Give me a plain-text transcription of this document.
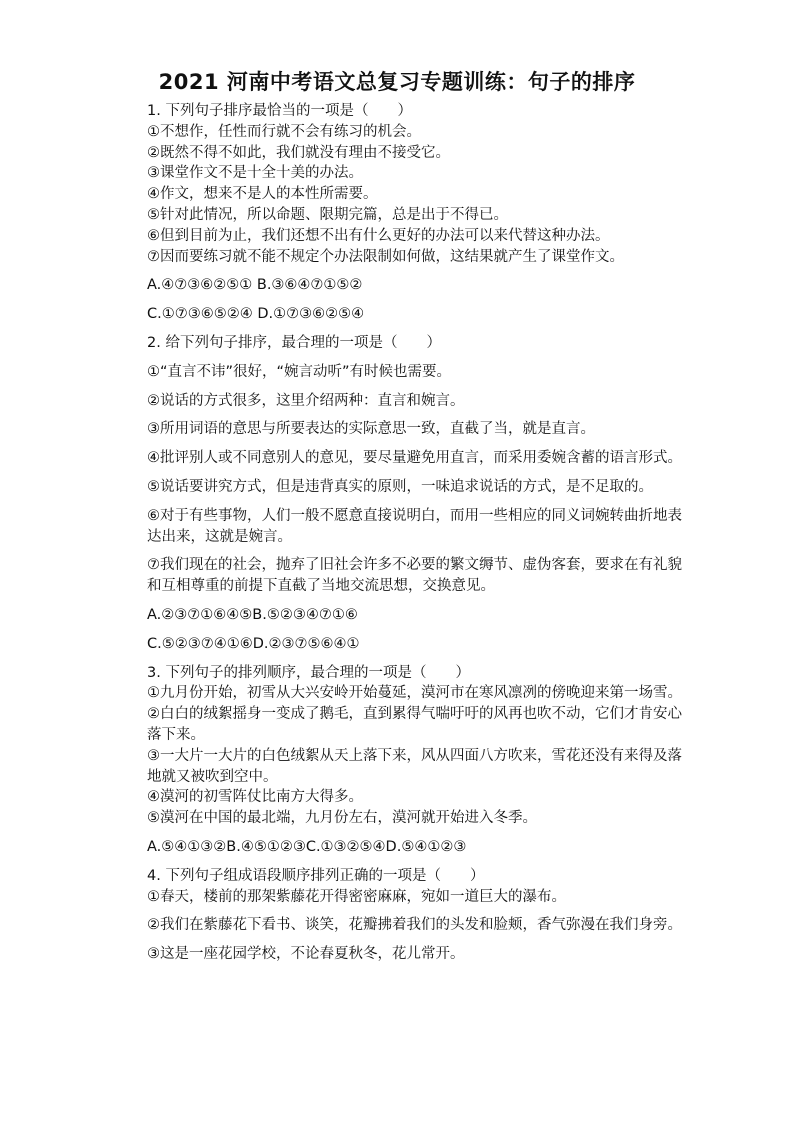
2021 河南中考语文总复习专题训练：句子的排序
1. 下列句子排序最恰当的一项是（　　）
①不想作，任性而行就不会有练习的机会。
②既然不得不如此，我们就没有理由不接受它。
③课堂作文不是十全十美的办法。
④作文，想来不是人的本性所需要。
⑤针对此情况，所以命题、限期完篇，总是出于不得已。
⑥但到目前为止，我们还想不出有什么更好的办法可以来代替这种办法。
⑦因而要练习就不能不规定个办法限制如何做，这结果就产生了课堂作文。
A.④⑦③⑥②⑤① B.③⑥④⑦①⑤②
C.①⑦③⑥⑤②④ D.①⑦③⑥②⑤④
2. 给下列句子排序，最合理的一项是（　　）
①“直言不讳”很好，“婉言动听”有时候也需要。
②说话的方式很多，这里介绍两种：直言和婉言。
③所用词语的意思与所要表达的实际意思一致，直截了当，就是直言。
④批评别人或不同意别人的意见，要尽量避免用直言，而采用委婉含蓄的语言形式。
⑤说话要讲究方式，但是违背真实的原则，一味追求说话的方式，是不足取的。
⑥对于有些事物，人们一般不愿意直接说明白，而用一些相应的同义词婉转曲折地表达出来，这就是婉言。
⑦我们现在的社会，抛弃了旧社会许多不必要的繁文缛节、虚伪客套，要求在有礼貌和互相尊重的前提下直截了当地交流思想，交换意见。
A.②③⑦①⑥④⑤B.⑤②③④⑦①⑥
C.⑤②③⑦④①⑥D.②③⑦⑤⑥④①
3. 下列句子的排列顺序，最合理的一项是（　　）
①九月份开始，初雪从大兴安岭开始蔓延，漠河市在寒风凛冽的傍晚迎来第一场雪。
②白白的绒絮摇身一变成了鹅毛，直到累得气喘吁吁的风再也吹不动，它们才肯安心落下来。
③一大片一大片的白色绒絮从天上落下来，风从四面八方吹来，雪花还没有来得及落地就又被吹到空中。
④漠河的初雪阵仗比南方大得多。
⑤漠河在中国的最北端，九月份左右，漠河就开始进入冬季。
A.⑤④①③②B.④⑤①②③C.①③②⑤④D.⑤④①②③
4. 下列句子组成语段顺序排列正确的一项是（　　）
①春天，楼前的那架紫藤花开得密密麻麻，宛如一道巨大的瀑布。
②我们在紫藤花下看书、谈笑，花瓣拂着我们的头发和脸颊，香气弥漫在我们身旁。
③这是一座花园学校，不论春夏秋冬，花儿常开。
